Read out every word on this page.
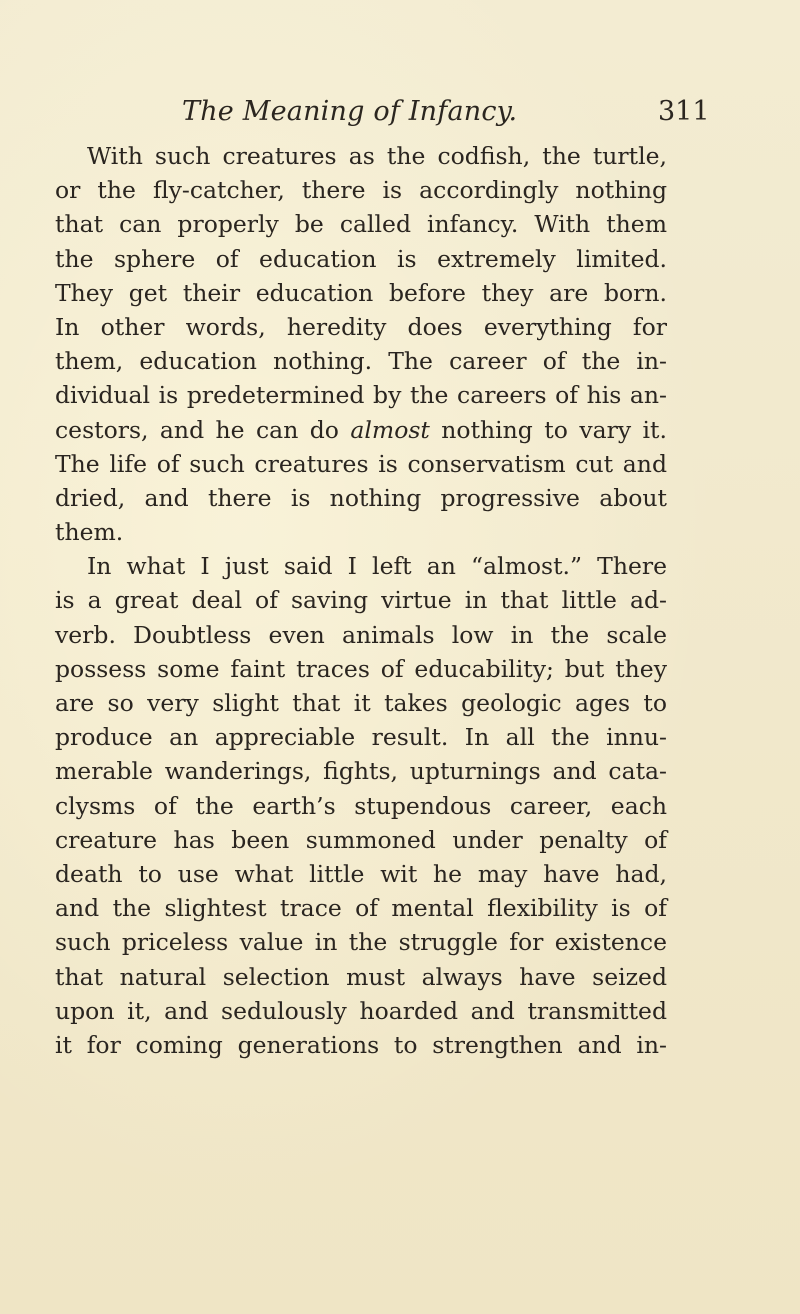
The Meaning of Infancy.	311
With such creatures as the codfish, the turtle,
or the fly-catcher, there is accordingly nothing
that can properly be called infancy. With them
the sphere of education is extremely limited.
They get their education before they are born.
In other words, heredity does everything for
them, education nothing. The career of the in-
dividual is predetermined by the careers of his an-
cestors, and he can do almost nothing to vary it.
The life of such creatures is conservatism cut and
dried, and there is nothing progressive about
them.
In what I just said I left an “almost.” There
is a great deal of saving virtue in that little ad-
verb. Doubtless even animals low in the scale
possess some faint traces of educability; but they
are so very slight that it takes geologic ages to
produce an appreciable result. In all the innu-
merable wanderings, fights, upturnings and cata-
clysms of the earth’s stupendous career, each
creature has been summoned under penalty of
death to use what little wit he may have had,
and the slightest trace of mental flexibility is of
such priceless value in the struggle for existence
that natural selection must always have seized
upon it, and sedulously hoarded and transmitted
it for coming generations to strengthen and in-
